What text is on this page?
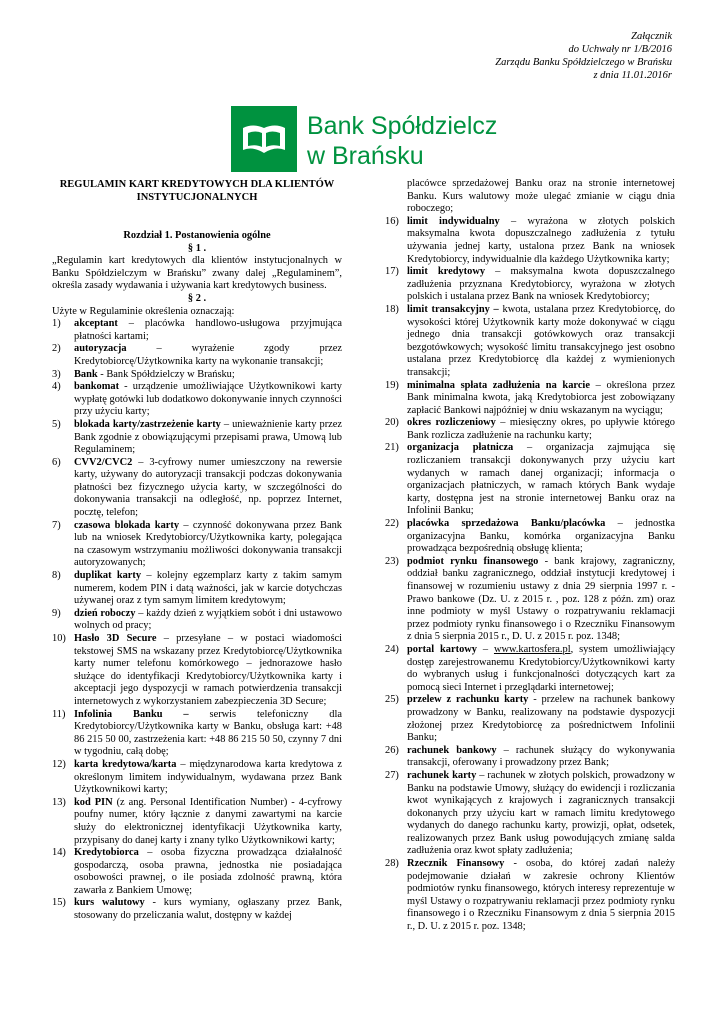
Załącznik
do Uchwały nr 1/B/2016
Zarządu Banku Spółdzielczego w Brańsku
z dnia 11.01.2016r
Bank Spółdzielczy
w Brańsku
REGULAMIN KART KREDYTOWYCH DLA KLIENTÓW INSTYTUCJONALNYCH
Rozdział 1. Postanowienia ogólne
§ 1 .

„Regulamin kart kredytowych dla klientów instytucjonalnych w Banku Spółdzielczym w Brańsku” zwany dalej „Regulaminem”, określa zasady wydawania i używania kart kredytowych business.

§ 2 .

Użyte w Regulaminie określenia oznaczają:

1)	akceptant – placówka handlowo-usługowa przyjmująca płatności kartami;
2)	autoryzacja – wyrażenie zgody przez Kredytobiorcę/Użytkownika karty na wykonanie transakcji;
3)	Bank - Bank Spółdzielczy w Brańsku;
4)	bankomat - urządzenie umożliwiające Użytkownikowi karty wypłatę gotówki lub dodatkowo dokonywanie innych czynności przy użyciu karty;
5)	blokada karty/zastrzeżenie karty – unieważnienie karty przez Bank zgodnie z obowiązującymi przepisami prawa, Umową lub Regulaminem;
6)	CVV2/CVC2 – 3-cyfrowy numer umieszczony na rewersie karty, używany do autoryzacji transakcji podczas dokonywania płatności bez fizycznego użycia karty, w szczególności do dokonywania transakcji na odległość, np. poprzez Internet, pocztę, telefon;
7)	czasowa blokada karty – czynność dokonywana przez Bank lub na wniosek Kredytobiorcy/Użytkownika karty, polegająca na czasowym wstrzymaniu możliwości dokonywania transakcji autoryzowanych;
8)	duplikat karty – kolejny egzemplarz karty z takim samym numerem, kodem PIN i datą ważności, jak w karcie dotychczas używanej oraz z tym samym limitem kredytowym;
9)	dzień roboczy – każdy dzień z wyjątkiem sobót i dni ustawowo wolnych od pracy;
10) Hasło 3D Secure – przesyłane – w postaci wiadomości tekstowej SMS na wskazany przez Kredytobiorcę/Użytkownika karty numer telefonu komórkowego – jednorazowe hasło służące do identyfikacji Kredytobiorcy/Użytkownika karty i akceptacji jego dyspozycji w ramach potwierdzenia transakcji internetowych z wykorzystaniem zabezpieczenia 3D Secure;
11) Infolinia Banku – serwis telefoniczny dla Kredytobiorcy/Użytkownika karty w Banku, obsługa kart: +48 86 215 50 00, zastrzeżenia kart: +48 86 215 50 50, czynny 7 dni w tygodniu, całą dobę;
12) karta kredytowa/karta – międzynarodowa karta kredytowa z określonym limitem indywidualnym, wydawana przez Bank Użytkownikowi karty;
13) kod PIN (z ang. Personal Identification Number) - 4-cyfrowy poufny numer, który łącznie z danymi zawartymi na karcie służy do elektronicznej identyfikacji Użytkownika karty, przypisany do danej karty i znany tylko Użytkownikowi karty;
14) Kredytobiorca – osoba fizyczna prowadząca działalność gospodarczą, osoba prawna, jednostka nie posiadająca osobowości prawnej, o ile posiada zdolność prawną, która zawarła z Bankiem Umowę;
15) kurs walutowy - kurs wymiany, ogłaszany przez Bank, stosowany do przeliczania walut, dostępny w każdej

placówce sprzedażowej Banku oraz na stronie internetowej Banku. Kurs walutowy może ulegać zmianie w ciągu dnia roboczego;

16) limit indywidualny – wyrażona w złotych polskich maksymalna kwota dopuszczalnego zadłużenia z tytułu używania jednej karty, ustalona przez Bank na wniosek Kredytobiorcy, indywidualnie dla każdego Użytkownika karty;
17) limit kredytowy – maksymalna kwota dopuszczalnego zadłużenia przyznana Kredytobiorcy, wyrażona w złotych polskich i ustalana przez Bank na wniosek Kredytobiorcy;
18) limit transakcyjny – kwota, ustalana przez Kredytobiorcę, do wysokości której Użytkownik karty może dokonywać w ciągu jednego dnia transakcji gotówkowych oraz transakcji bezgotówkowych; wysokość limitu transakcyjnego jest osobno ustalana przez Kredytobiorcę dla każdej z wymienionych transakcji;
19) minimalna spłata zadłużenia na karcie – określona przez Bank minimalna kwota, jaką Kredytobiorca jest zobowiązany zapłacić Bankowi najpóźniej w dniu wskazanym na wyciągu;
20) okres rozliczeniowy – miesięczny okres, po upływie którego Bank rozlicza zadłużenie na rachunku karty;
21) organizacja płatnicza – organizacja zajmująca się rozliczaniem transakcji dokonywanych przy użyciu kart wydanych w ramach danej organizacji; informacja o organizacjach płatniczych, w ramach których Bank wydaje karty, dostępna jest na stronie internetowej Banku oraz na Infolinii Banku;
22) placówka sprzedażowa Banku/placówka – jednostka organizacyjna Banku, komórka organizacyjna Banku prowadząca bezpośrednią obsługę klienta;
23) podmiot rynku finansowego - bank krajowy, zagraniczny, oddział banku zagranicznego, oddział instytucji kredytowej i finansowej w rozumieniu ustawy z dnia 29 sierpnia 1997 r. - Prawo bankowe (Dz. U. z 2015 r. , poz. 128 z późn. zm) oraz inne podmioty w myśl Ustawy o rozpatrywaniu reklamacji przez podmioty rynku finansowego i o Rzeczniku Finansowym z dnia 5 sierpnia 2015 r., D. U. z 2015 r. poz. 1348;
24) portal kartowy – www.kartosfera.pl, system umożliwiający dostęp zarejestrowanemu Kredytobiorcy/Użytkownikowi karty do wybranych usług i funkcjonalności dotyczących kart za pomocą sieci Internet i przeglądarki internetowej;
25) przelew z rachunku karty - przelew na rachunek bankowy prowadzony w Banku, realizowany na podstawie dyspozycji złożonej przez Kredytobiorcę za pośrednictwem Infolinii Banku;
26) rachunek bankowy – rachunek służący do wykonywania transakcji, oferowany i prowadzony przez Bank;
27) rachunek karty – rachunek w złotych polskich, prowadzony w Banku na podstawie Umowy, służący do ewidencji i rozliczania kwot wynikających z krajowych i zagranicznych transakcji dokonanych przy użyciu kart w ramach limitu kredytowego wydanych do danego rachunku karty, prowizji, opłat, odsetek, realizowanych przez Bank usług powodujących zmianę salda zadłużenia oraz kwot spłaty zadłużenia;
28) Rzecznik Finansowy - osoba, do której zadań należy podejmowanie działań w zakresie ochrony Klientów podmiotów rynku finansowego, których interesy reprezentuje w myśl Ustawy o rozpatrywaniu reklamacji przez podmioty rynku finansowego i o Rzeczniku Finansowym z dnia 5 sierpnia 2015 r., D. U. z 2015 r. poz. 1348;
